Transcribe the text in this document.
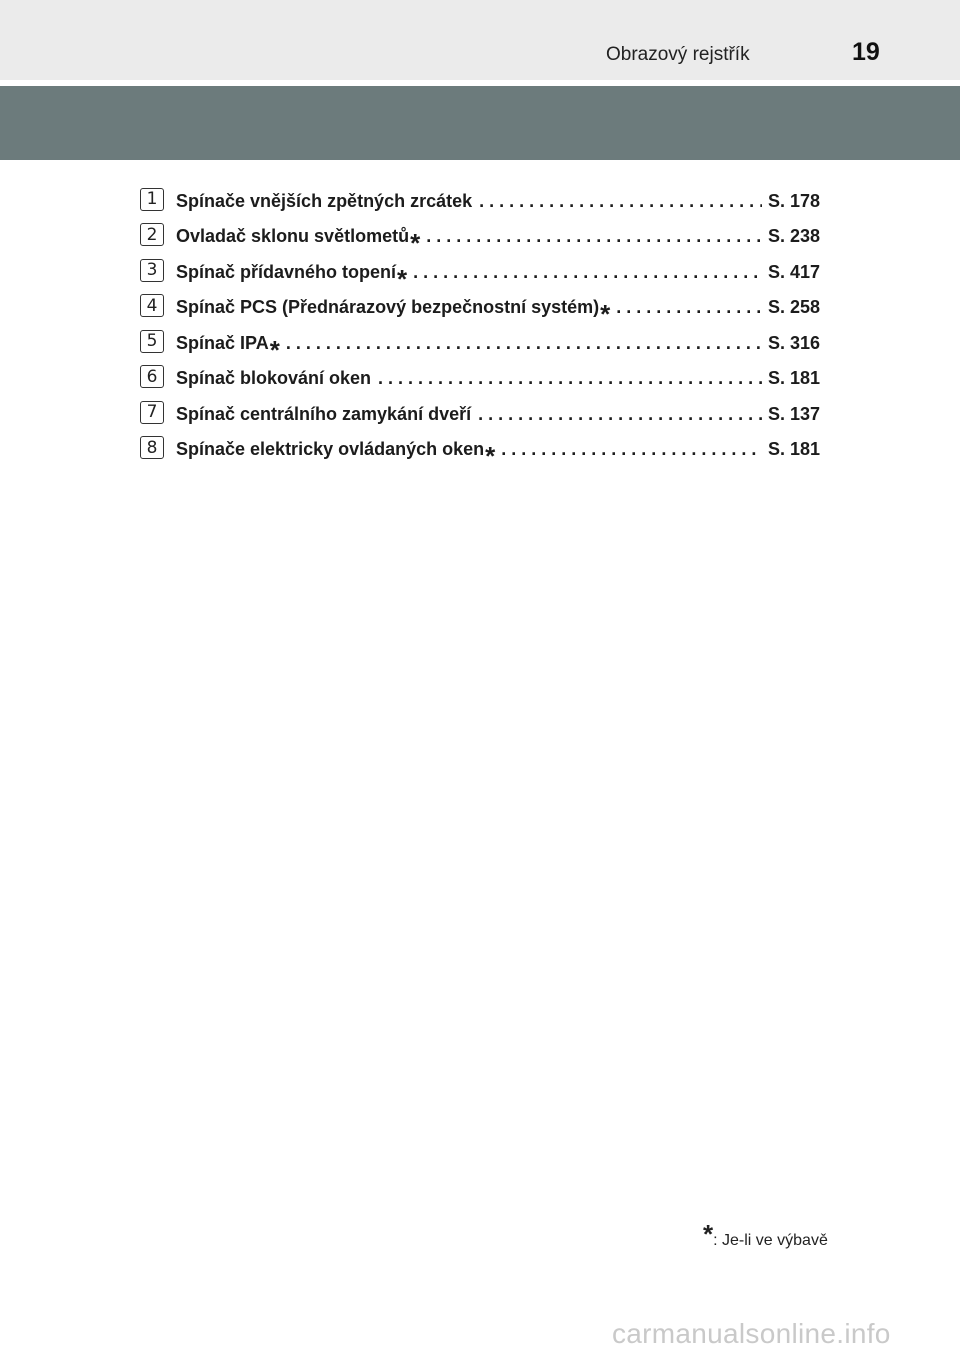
Obrazový rejstřík	19
1	Spínače vnějších zpětných zrcátek . . .	S. 178
2	Ovladač sklonu světlometů * . . .	S. 238
3	Spínač přídavného topení * . . .	S. 417
4	Spínač PCS (Přednárazový bezpečnostní systém) * . . .	S. 258
5	Spínač IPA * . . .	S. 316
6	Spínač blokování oken . . .	S. 181
7	Spínač centrálního zamykání dveří . . .	S. 137
8	Spínače elektricky ovládaných oken * . . .	S. 181
*: Je-li ve výbavě
carmanualsonline.info
